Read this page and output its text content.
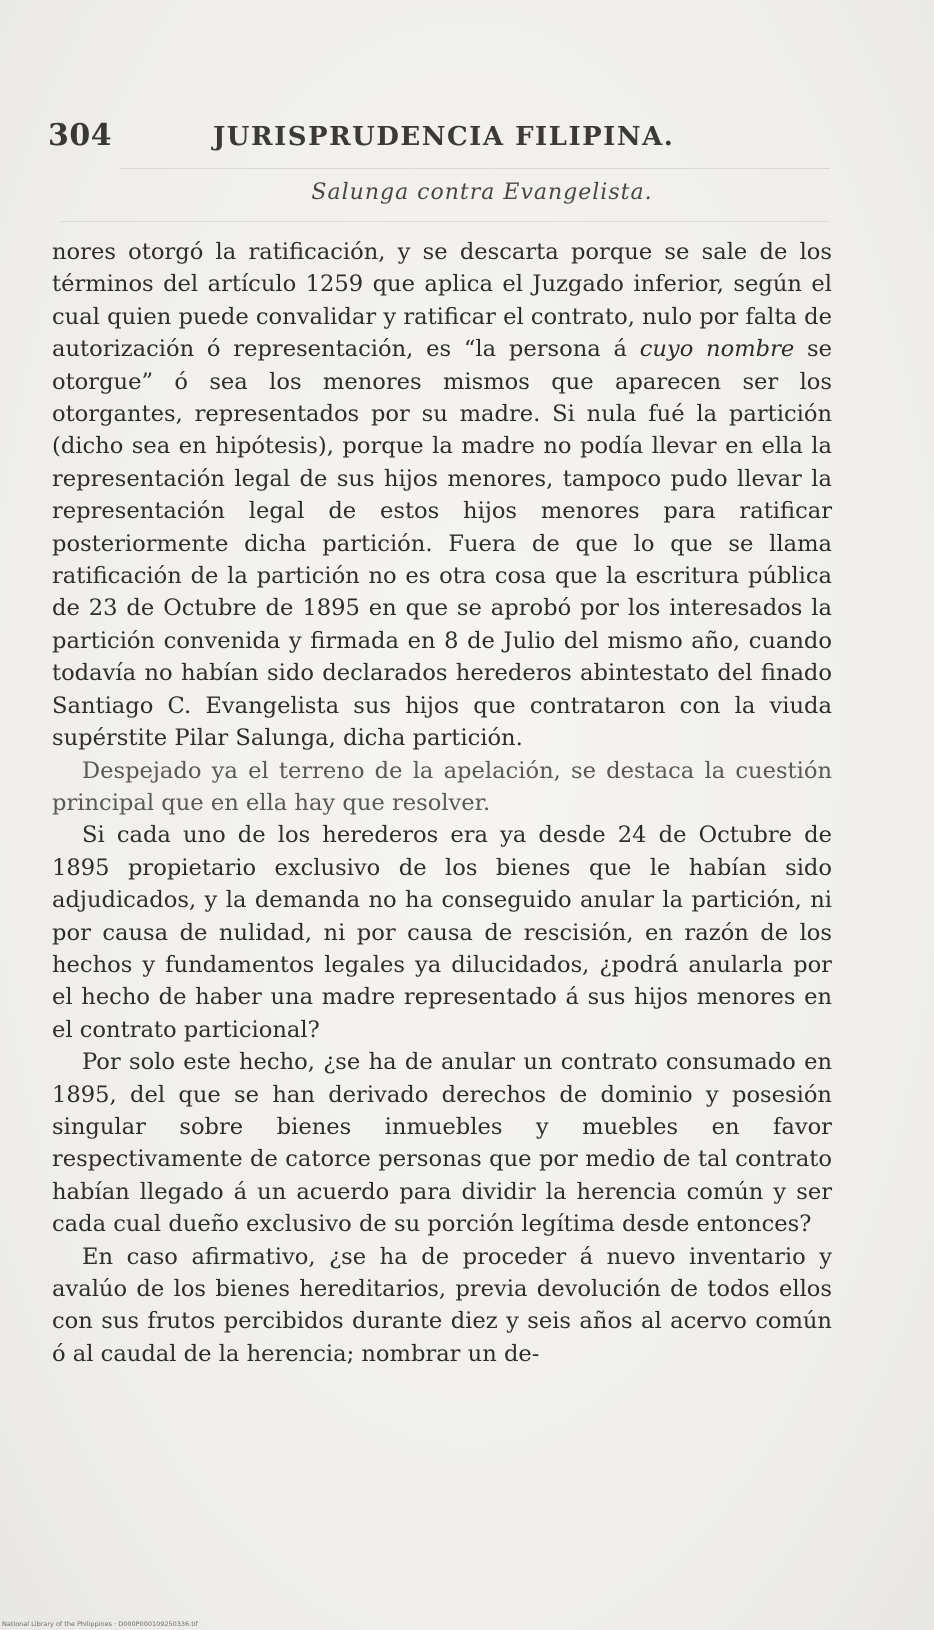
304	JURISPRUDENCIA FILIPINA.
Salunga contra Evangelista.

nores otorgó la ratificación, y se descarta porque se sale de los términos del artículo 1259 que aplica el Juzgado inferior, según el cual quien puede convalidar y ratificar el contrato, nulo por falta de autorización ó representación, es “la persona á cuyo nombre se otorgue” ó sea los menores mismos que aparecen ser los otorgantes, representados por su madre. Si nula fué la partición (dicho sea en hipótesis), porque la madre no podía llevar en ella la representación legal de sus hijos menores, tampoco pudo llevar la representación legal de estos hijos menores para ratificar posteriormente dicha partición. Fuera de que lo que se llama ratificación de la partición no es otra cosa que la escritura pública de 23 de Octubre de 1895 en que se aprobó por los interesados la partición convenida y firmada en 8 de Julio del mismo año, cuando todavía no habían sido declarados herederos abintestato del finado Santiago C. Evangelista sus hijos que contrataron con la viuda supérstite Pilar Salunga, dicha partición.

Despejado ya el terreno de la apelación, se destaca la cuestión principal que en ella hay que resolver.

Si cada uno de los herederos era ya desde 24 de Octubre de 1895 propietario exclusivo de los bienes que le habían sido adjudicados, y la demanda no ha conseguido anular la partición, ni por causa de nulidad, ni por causa de rescisión, en razón de los hechos y fundamentos legales ya dilucidados, ¿podrá anularla por el hecho de haber una madre representado á sus hijos menores en el contrato particional?

Por solo este hecho, ¿se ha de anular un contrato consumado en 1895, del que se han derivado derechos de dominio y posesión singular sobre bienes inmuebles y muebles en favor respectivamente de catorce personas que por medio de tal contrato habían llegado á un acuerdo para dividir la herencia común y ser cada cual dueño exclusivo de su porción legítima desde entonces?

En caso afirmativo, ¿se ha de proceder á nuevo inventario y avalúo de los bienes hereditarios, previa devolución de todos ellos con sus frutos percibidos durante diez y seis años al acervo común ó al caudal de la herencia; nombrar un de-

National Library of the Philippines · D000P000109250336.tif
